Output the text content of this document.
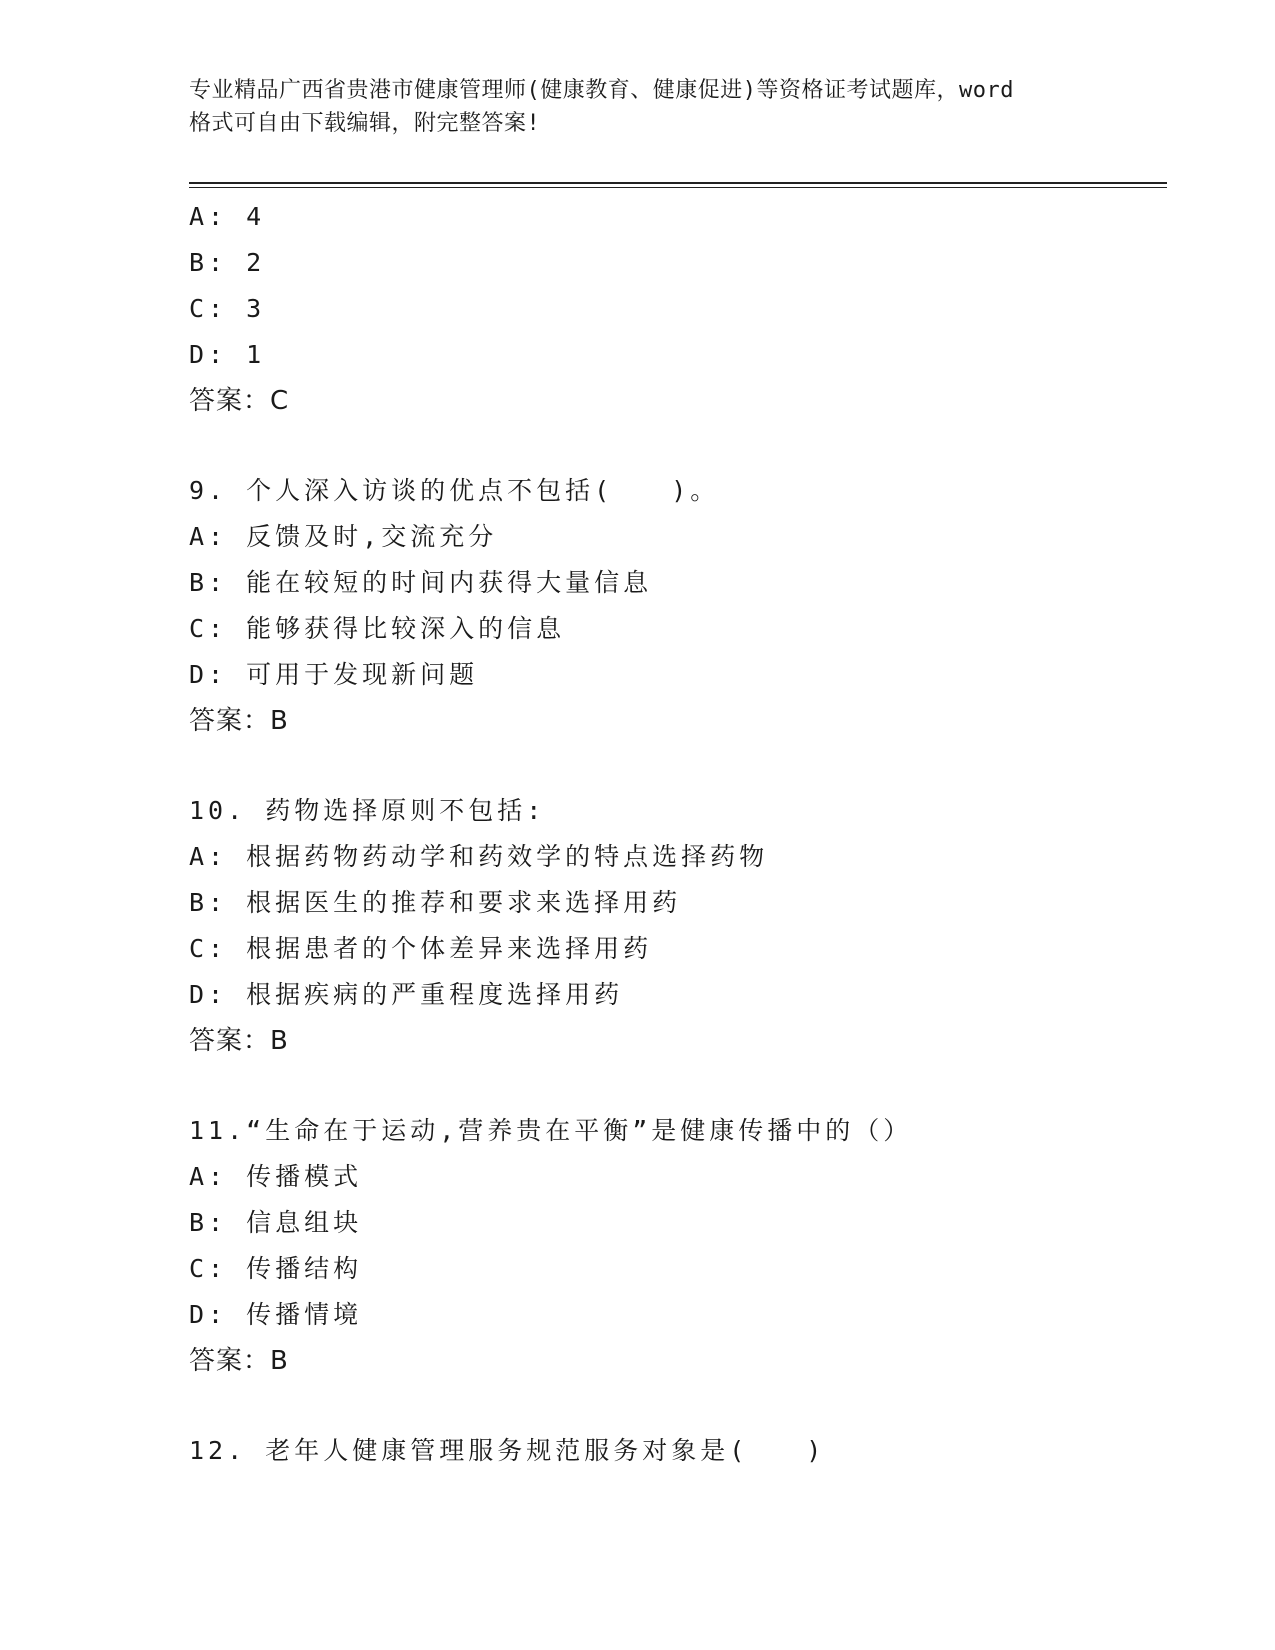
专业精品广西省贵港市健康管理师(健康教育、健康促进)等资格证考试题库，word
格式可自由下载编辑，附完整答案!
A: 4
B: 2
C: 3
D: 1
答案：C
9. 个人深入访谈的优点不包括(　　)。
A: 反馈及时,交流充分
B: 能在较短的时间内获得大量信息
C: 能够获得比较深入的信息
D: 可用于发现新问题
答案：B
10. 药物选择原则不包括:
A: 根据药物药动学和药效学的特点选择药物
B: 根据医生的推荐和要求来选择用药
C: 根据患者的个体差异来选择用药
D: 根据疾病的严重程度选择用药
答案：B
11.“生命在于运动,营养贵在平衡”是健康传播中的（）
A: 传播模式
B: 信息组块
C: 传播结构
D: 传播情境
答案：B
12. 老年人健康管理服务规范服务对象是(　　)
